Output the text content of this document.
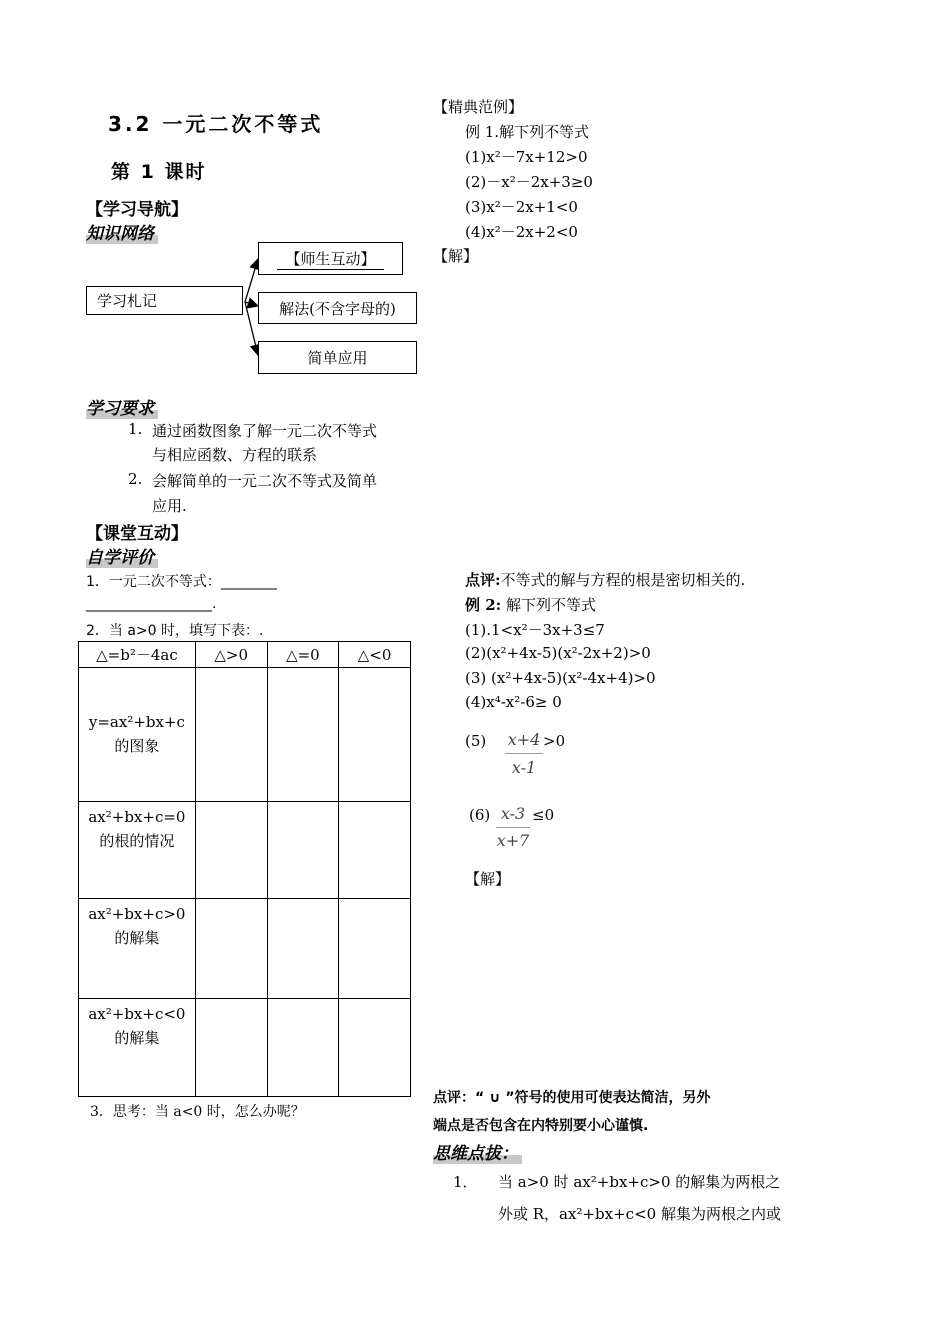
3.2 一元二次不等式
第 1 课时
【学习导航】
知识网络
学习札记
【师生互动】
解法(不含字母的)
简单应用
学习要求
1. 通过函数图象了解一元二次不等式
与相应函数、方程的联系
2. 会解简单的一元二次不等式及简单
应用.
【课堂互动】
自学评价
1．一元二次不等式：________
__________________.
2．当 a>0 时，填写下表：.
△=b²－4ac	△>0	△=0	△<0

y=ax²+bx+c
的图象			

ax²+bx+c=0
的根的情况			

ax²+bx+c>0
的解集			

ax²+bx+c<0
的解集			

3．思考：当 a<0 时，怎么办呢？
【精典范例】
例 1.解下列不等式
(1)x²－7x+12>0
(2)－x²－2x+3≥0
(3)x²－2x+1<0
(4)x²－2x+2<0
【解】
点评:不等式的解与方程的根是密切相关的.
例 2: 解下列不等式
(1).1<x²－3x+3≤7
(2)(x²+4x-5)(x²-2x+2)>0
(3) (x²+4x-5)(x²-4x+4)>0
(4)x⁴-x²-6≥ 0
(5) x+4
x-1
>0
(6) x-3
x+7
≤0
【解】
点评：“ ∪ ”符号的使用可使表达简洁，另外
端点是否包含在内特别要小心谨慎.
思维点拔：
1． 当 a>0 时 ax²+bx+c>0 的解集为两根之
外或 R，ax²+bx+c<0 解集为两根之内或
